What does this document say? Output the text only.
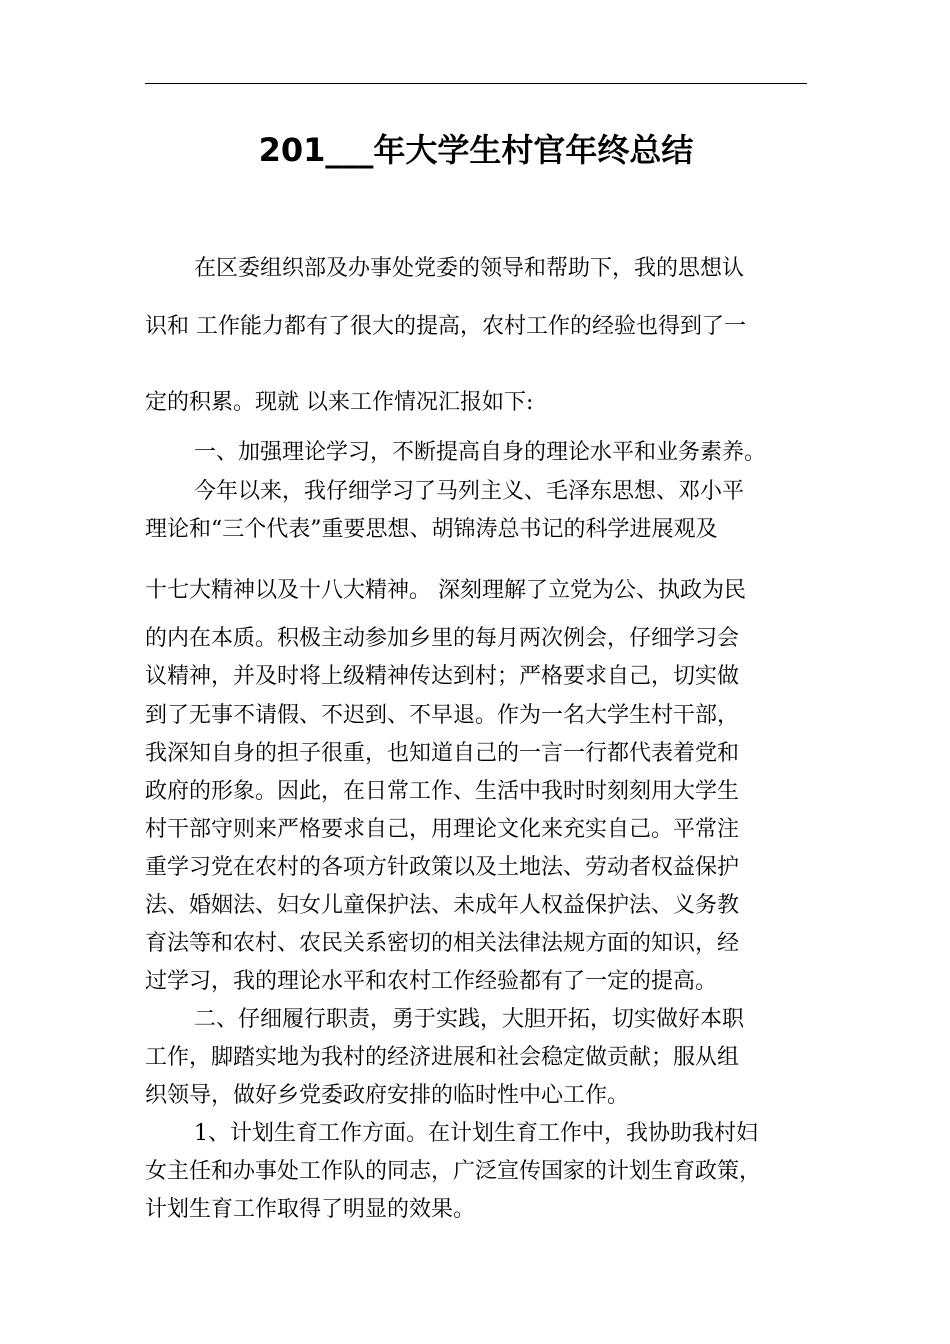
201___年大学生村官年终总结
在区委组织部及办事处党委的领导和帮助下，我的思想认
识和 工作能力都有了很大的提高，农村工作的经验也得到了一
定的积累。现就 以来工作情况汇报如下:
一、加强理论学习，不断提高自身的理论水平和业务素养。
今年以来，我仔细学习了马列主义、毛泽东思想、邓小平
理论和“三个代表”重要思想、胡锦涛总书记的科学进展观及
十七大精神以及十八大精神。 深刻理解了立党为公、执政为民
的内在本质。积极主动参加乡里的每月两次例会，仔细学习会
议精神，并及时将上级精神传达到村；严格要求自己，切实做
到了无事不请假、不迟到、不早退。作为一名大学生村干部，
我深知自身的担子很重，也知道自己的一言一行都代表着党和
政府的形象。因此，在日常工作、生活中我时时刻刻用大学生
村干部守则来严格要求自己，用理论文化来充实自己。平常注
重学习党在农村的各项方针政策以及土地法、劳动者权益保护
法、婚姻法、妇女儿童保护法、未成年人权益保护法、义务教
育法等和农村、农民关系密切的相关法律法规方面的知识，经
过学习，我的理论水平和农村工作经验都有了一定的提高。
二、仔细履行职责，勇于实践，大胆开拓，切实做好本职
工作，脚踏实地为我村的经济进展和社会稳定做贡献；服从组
织领导，做好乡党委政府安排的临时性中心工作。
1、计划生育工作方面。在计划生育工作中，我协助我村妇
女主任和办事处工作队的同志，广泛宣传国家的计划生育政策，
计划生育工作取得了明显的效果。
